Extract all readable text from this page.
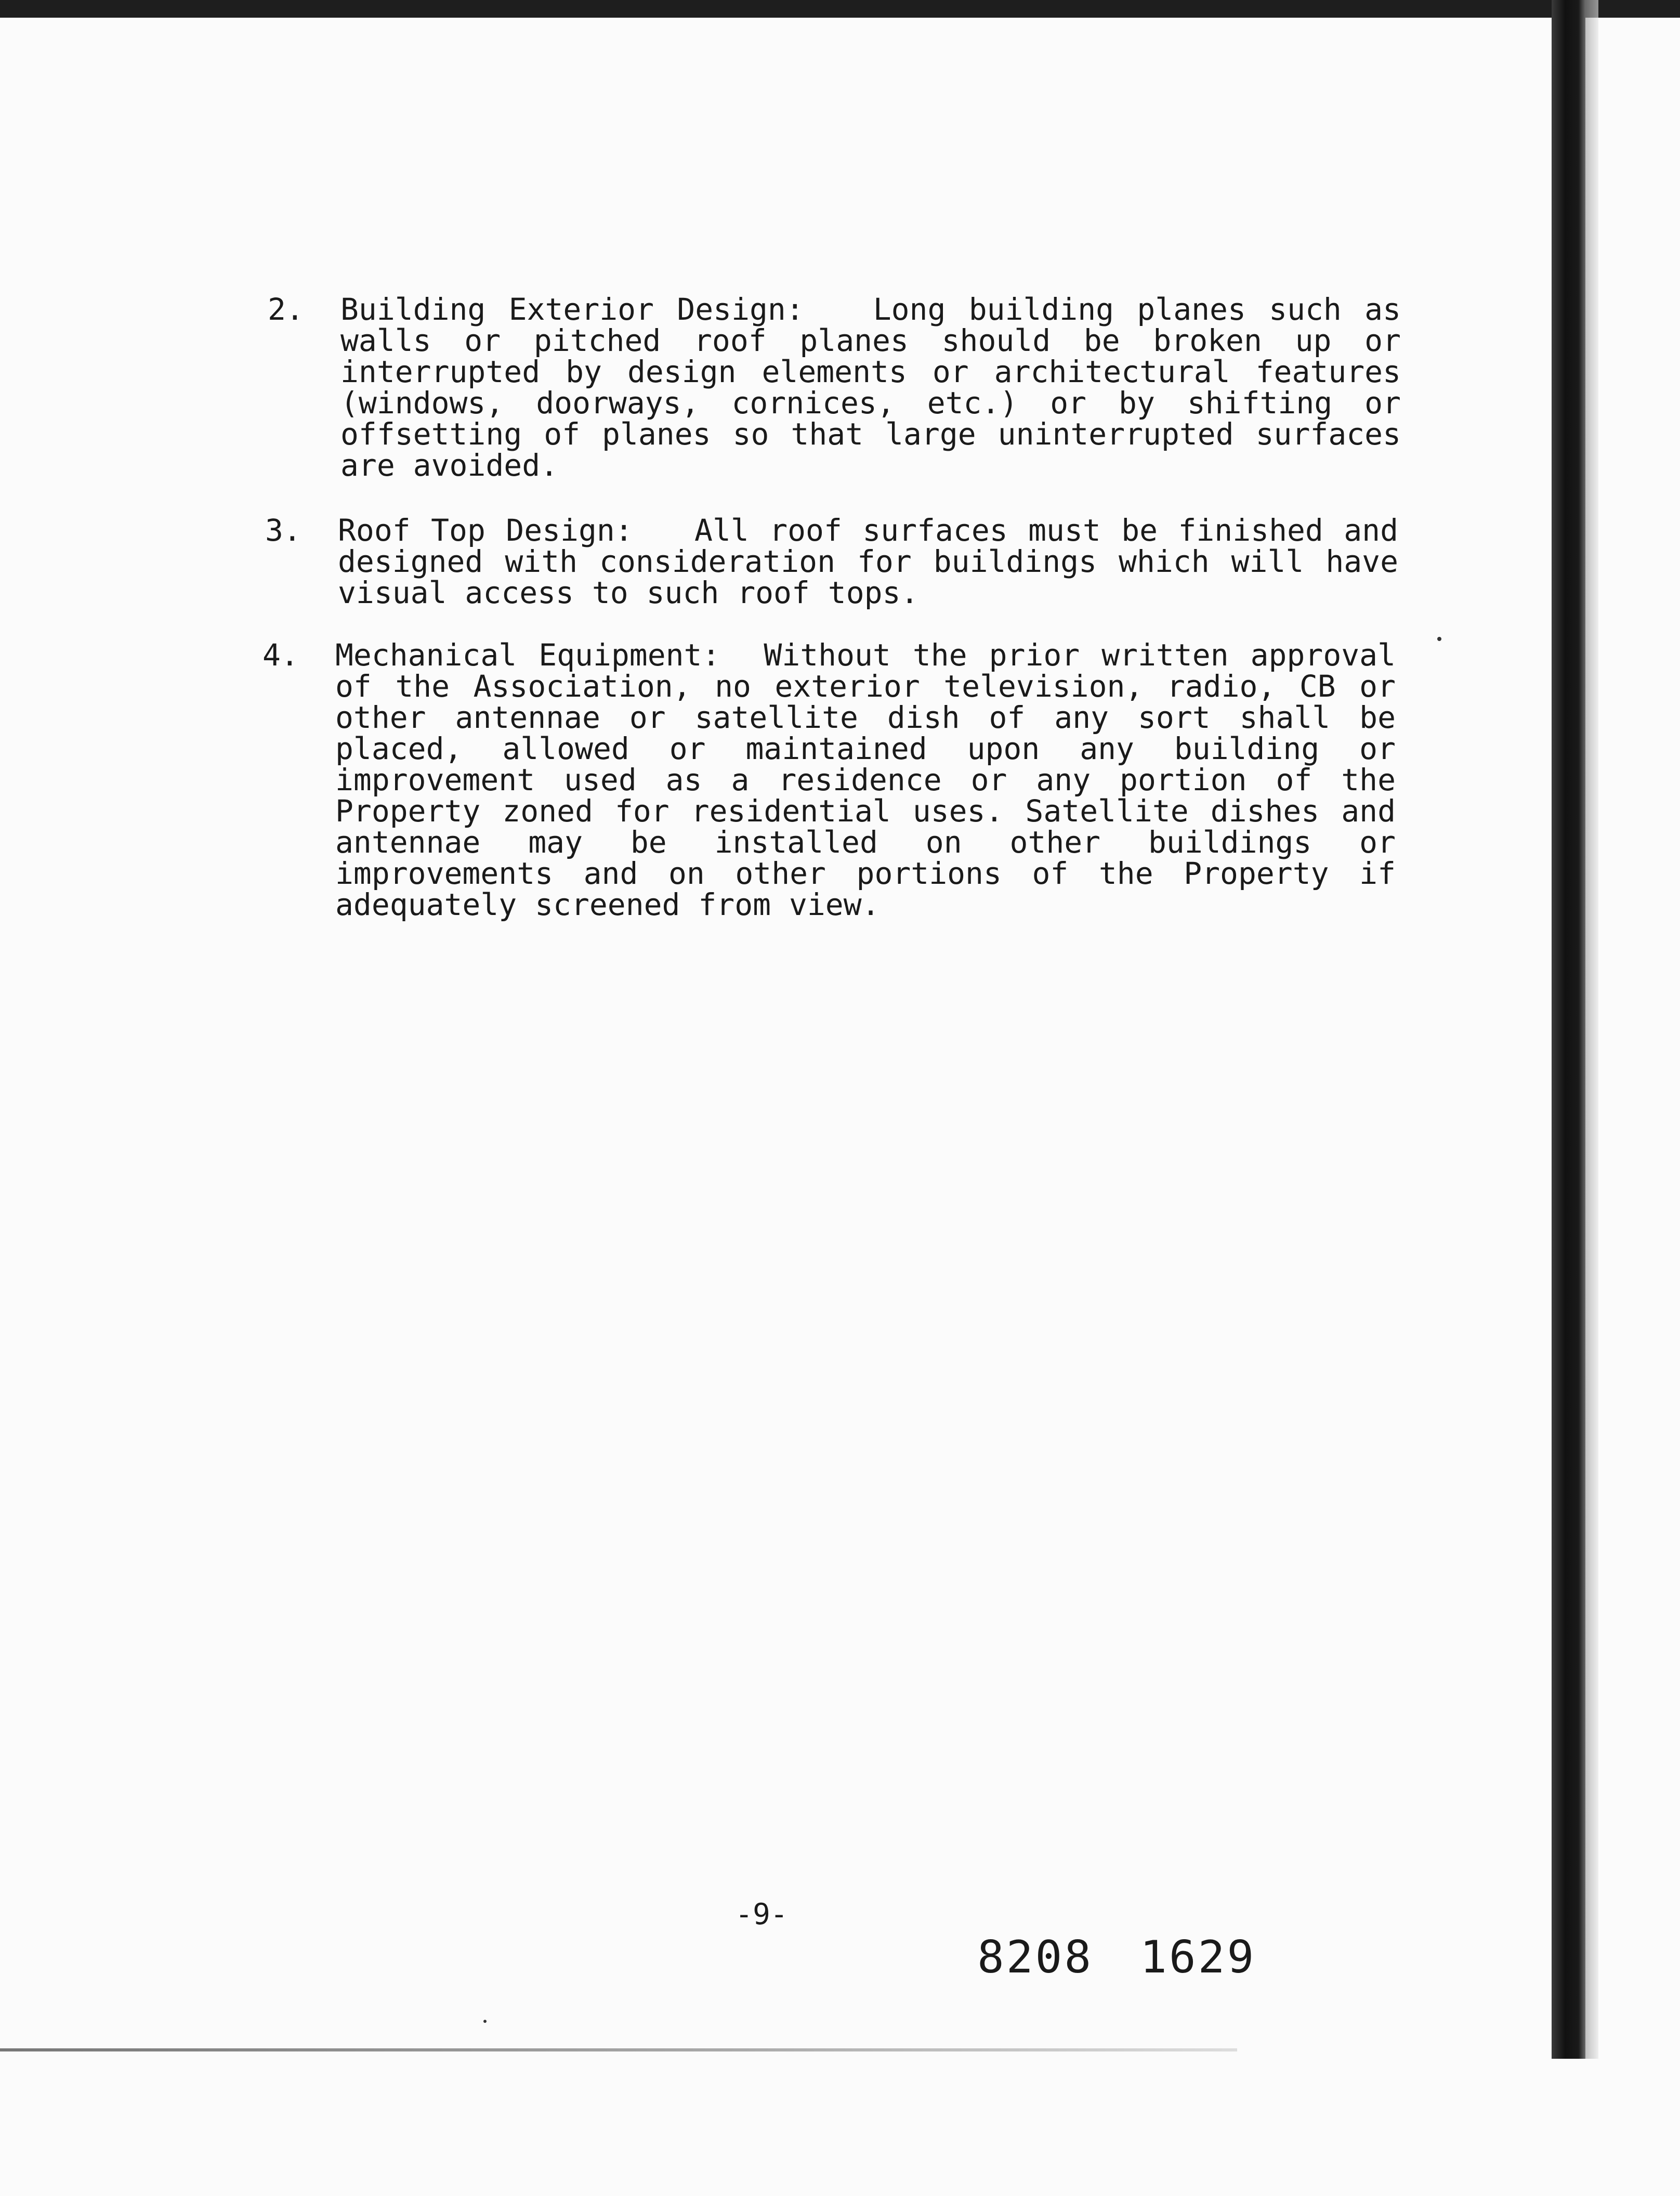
2.	Building Exterior Design: Long building planes such as walls or pitched roof planes should be broken up or interrupted by design elements or architectural features (windows, doorways, cornices, etc.) or by shifting or offsetting of planes so that large uninterrupted surfaces are avoided.
3.	Roof Top Design: All roof surfaces must be finished and designed with consideration for buildings which will have visual access to such roof tops.
4.	Mechanical Equipment: Without the prior written approval of the Association, no exterior television, radio, CB or other antennae or satellite dish of any sort shall be placed, allowed or maintained upon any building or improvement used as a residence or any portion of the Property zoned for residential uses. Satellite dishes and antennae may be installed on other buildings or improvements and on other portions of the Property if adequately screened from view.
-9-
8208 1629
